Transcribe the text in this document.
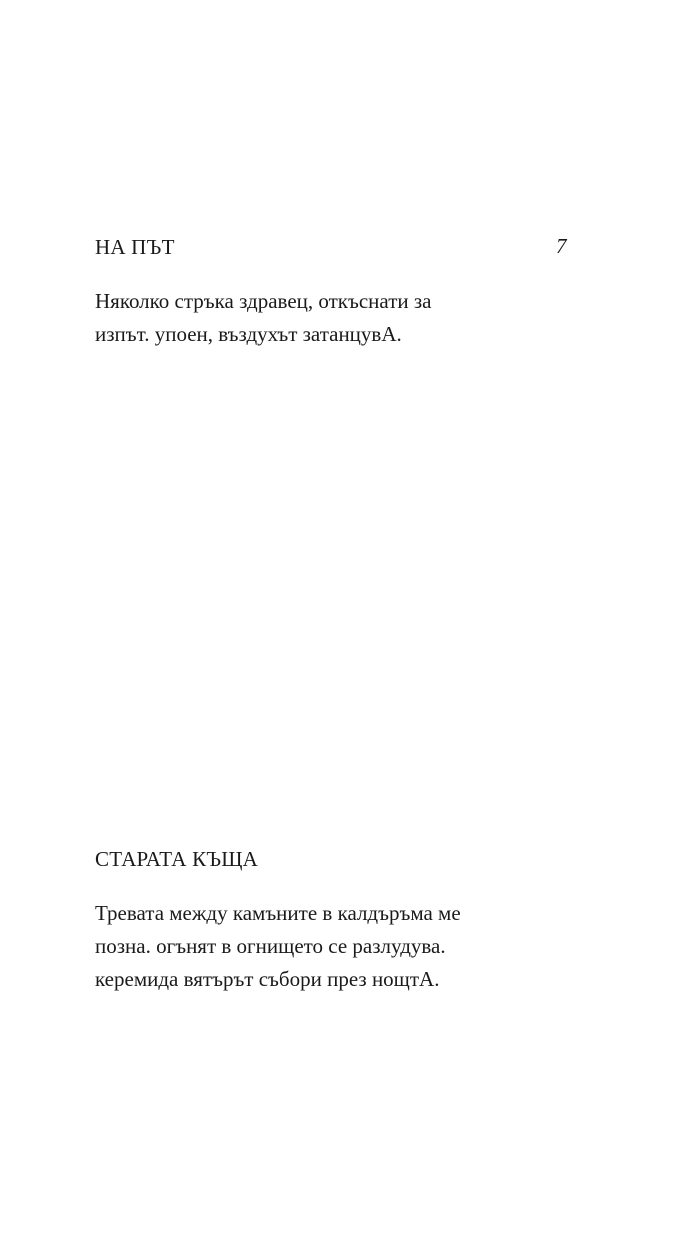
7
НА ПЪТ

Няколко стръка здравец, откъснати за
изпът. упоен, въздухът затанцувА.

СТАРАТА КЪЩА

Тревата между камъните в калдъръма ме
позна. огънят в огнището се разлудува.
керемида вятърът събори през нощтА.
